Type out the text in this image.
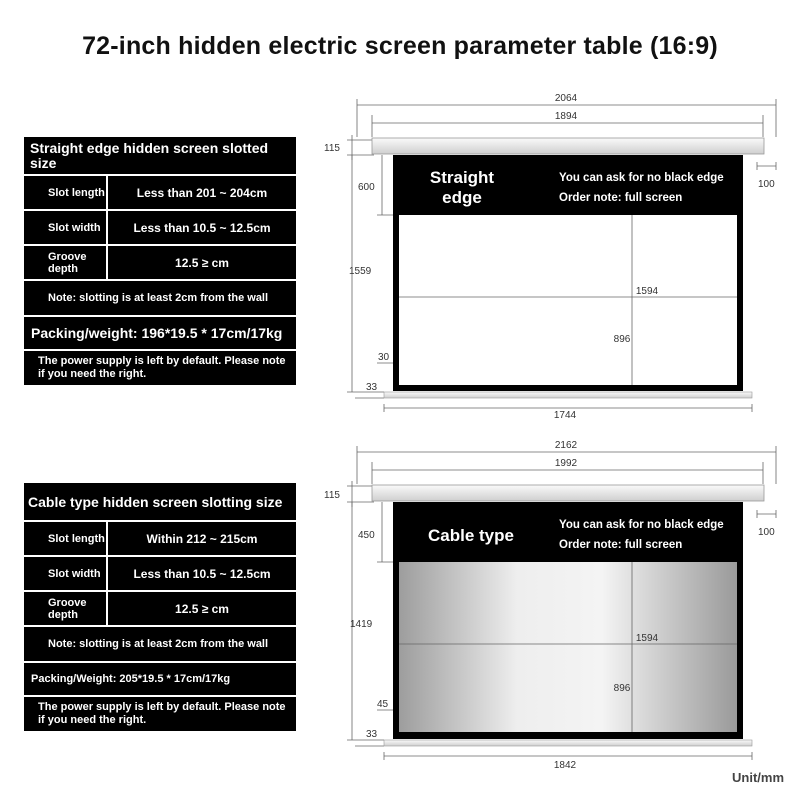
72-inch hidden electric screen parameter table (16:9)
Straight edge hidden screen slotted size
Slot length	Less than 201 ~ 204cm
Slot width	Less than 10.5 ~ 12.5cm
Groove depth	12.5 ≥ cm
Note: slotting is at least 2cm from the wall
Packing/weight: 196*19.5 * 17cm/17kg
The power supply is left by default. Please note if you need the right.
Cable type hidden screen slotting size
Slot length	Within 212 ~ 215cm
Slot width	Less than 10.5 ~ 12.5cm
Groove depth	12.5 ≥ cm
Note: slotting is at least 2cm from the wall
Packing/Weight: 205*19.5 * 17cm/17kg
The power supply is left by default. Please note if you need the right.
2064
1894
115
600
1559
30
33
100
1594
896
1744
Straight
edge
You can ask for no black edge
Order note: full screen
2162
1992
115
450
1419
45
33
100
1594
896
1842
Cable type
You can ask for no black edge
Order note: full screen
Unit/mm
